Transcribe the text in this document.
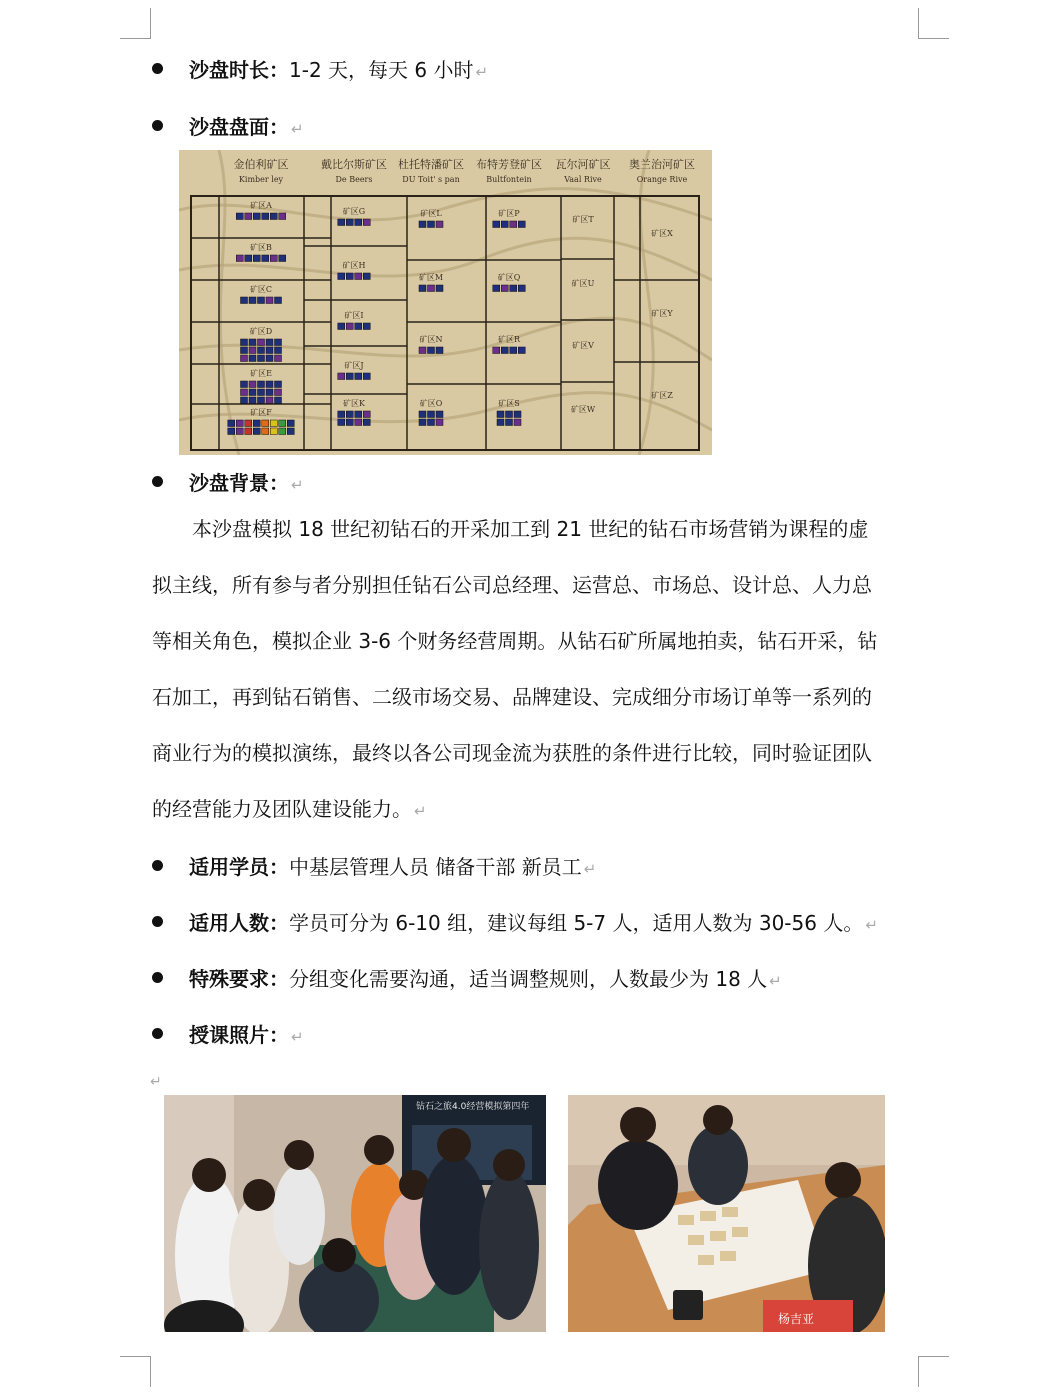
沙盘时长：1-2 天，每天 6 小时 ↵
沙盘盘面： ↵
金伯利矿区
Kimber ley
戴比尔斯矿区
De Beers
杜托特潘矿区
DU Toit' s pan
布特芳登矿区
Bultfontein
瓦尔河矿区
Vaal Rive
奥兰治河矿区
Orange Rive
矿区A
矿区B
矿区C
矿区D
矿区E
矿区F
矿区G
矿区H
矿区I
矿区J
矿区K
矿区L
矿区M
矿区N
矿区O
矿区P
矿区Q
矿区R
矿区S
矿区T
矿区U
矿区V
矿区W
矿区X
矿区Y
矿区Z
沙盘背景： ↵
本沙盘模拟 18 世纪初钻石的开采加工到 21 世纪的钻石市场营销为课程的虚
拟主线，所有参与者分别担任钻石公司总经理、运营总、市场总、设计总、人力总
等相关角色，模拟企业 3-6 个财务经营周期。从钻石矿所属地拍卖，钻石开采，钻
石加工，再到钻石销售、二级市场交易、品牌建设、完成细分市场订单等一系列的
商业行为的模拟演练，最终以各公司现金流为获胜的条件进行比较，同时验证团队
的经营能力及团队建设能力。 ↵
适用学员：中基层管理人员 储备干部 新员工 ↵
适用人数：学员可分为 6-10 组，建议每组 5-7 人，适用人数为 30-56 人。 ↵
特殊要求：分组变化需要沟通，适当调整规则，人数最少为 18 人 ↵
授课照片： ↵
↵
钻石之旅4.0经营模拟第四年
杨吉亚
